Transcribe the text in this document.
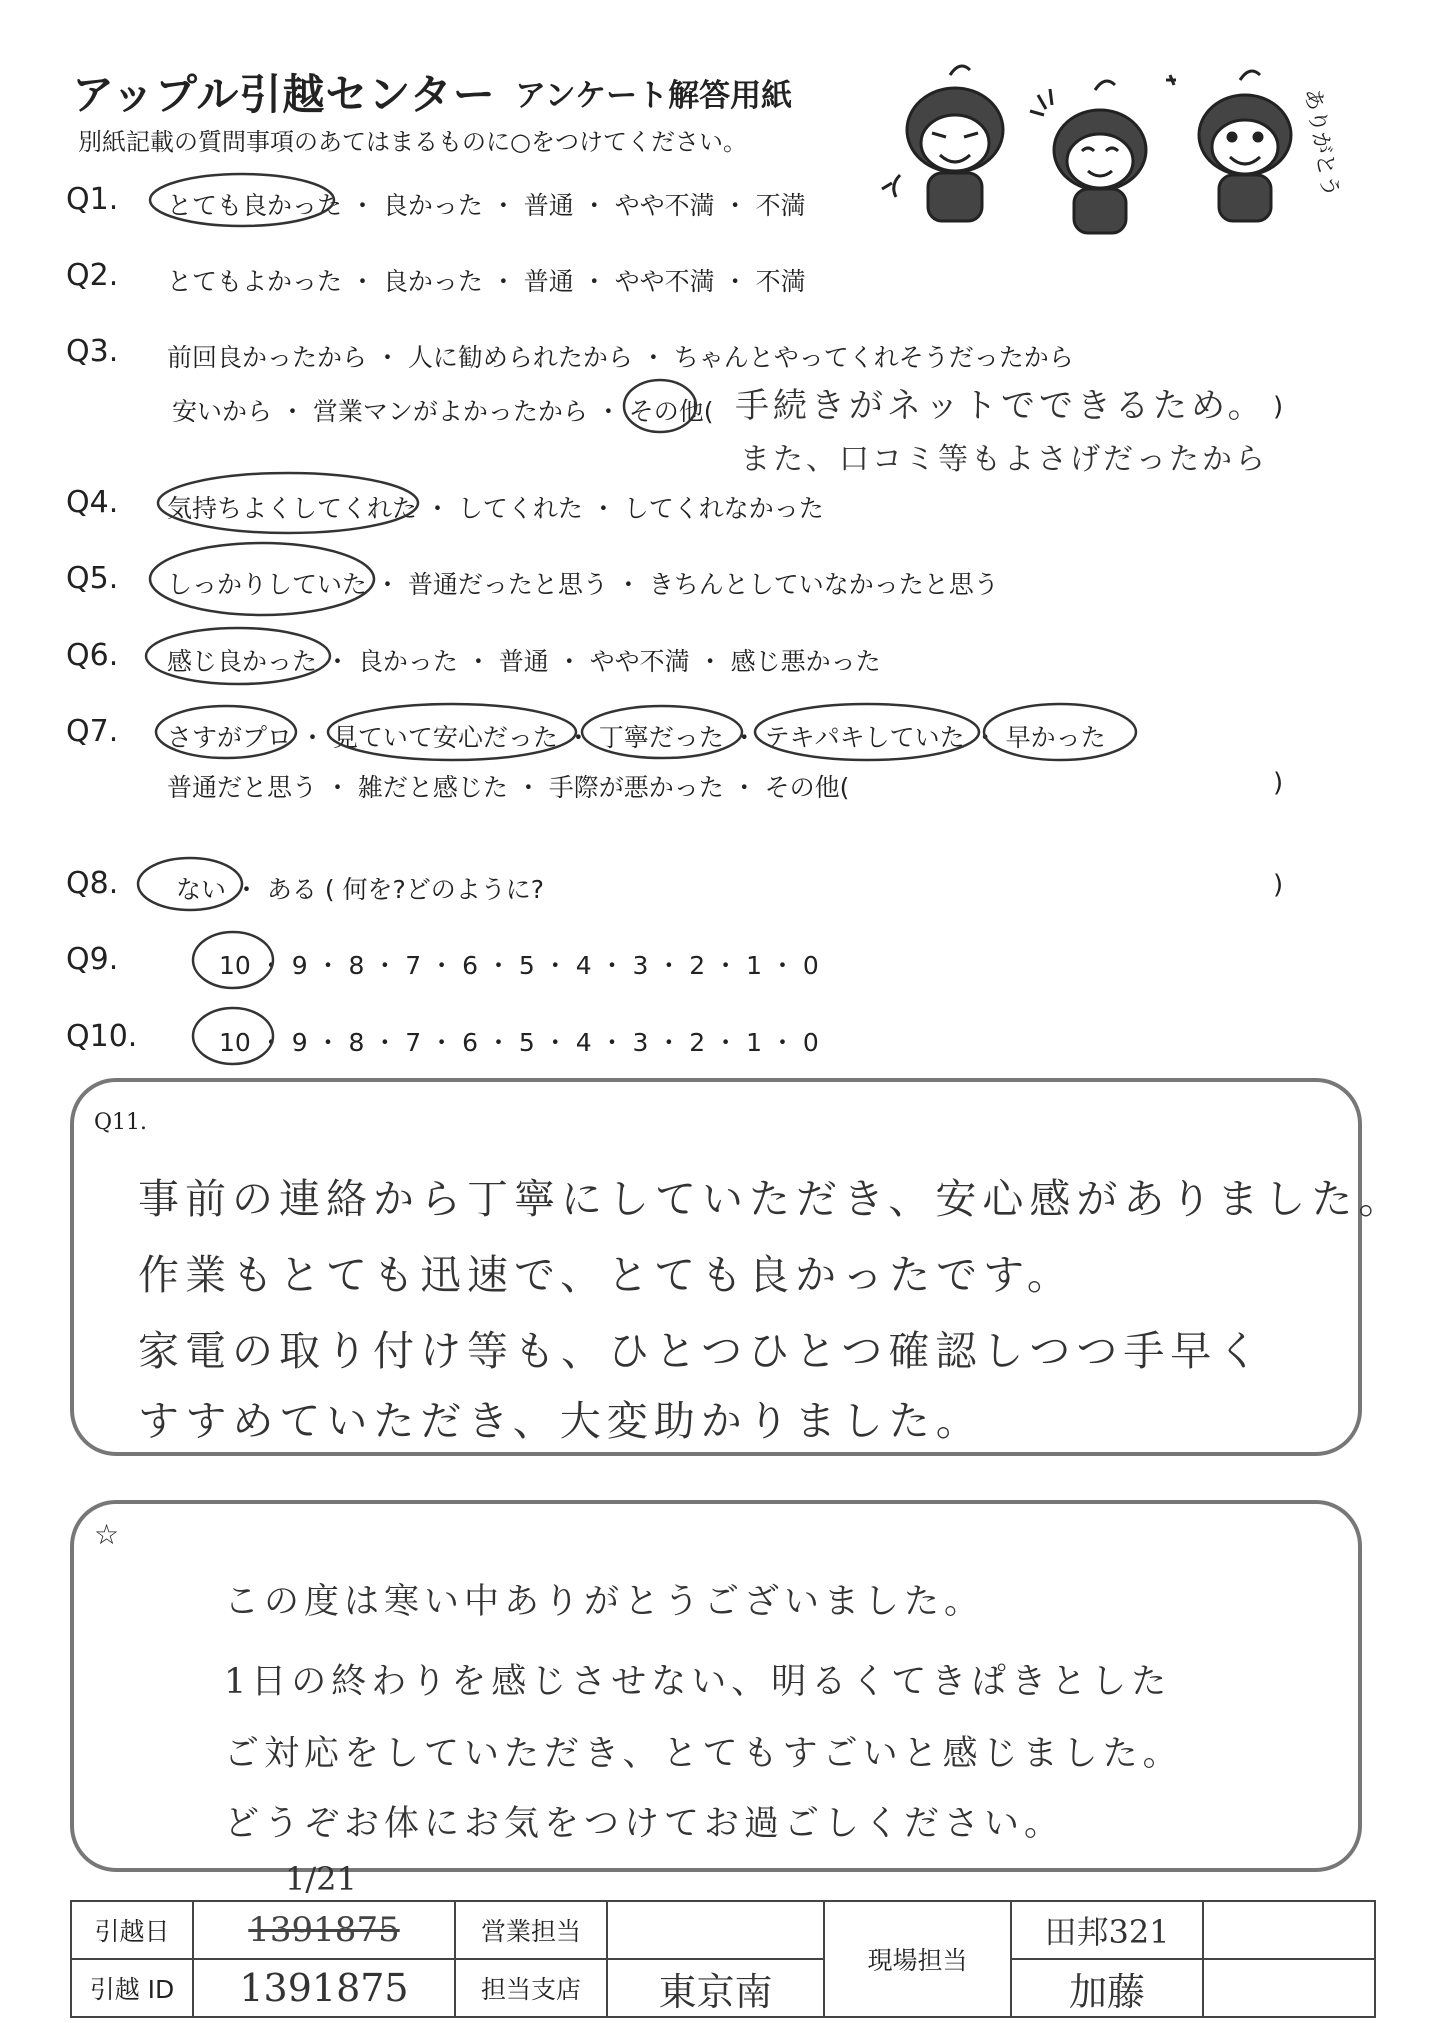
アップル引越センター アンケート解答用紙
別紙記載の質問事項のあてはまるものに○をつけてください。	ありがとう
Q1. とても良かった ・ 良かった ・ 普通 ・ やや不満 ・ 不満
Q2. とてもよかった ・ 良かった ・ 普通 ・ やや不満 ・ 不満
Q3. 前回良かったから ・ 人に勧められたから ・ ちゃんとやってくれそうだったから
安いから ・ 営業マンがよかったから ・ その他(	)
手続きがネットでできるため。
また、口コミ等もよさげだったから
Q4. 気持ちよくしてくれた ・ してくれた ・ してくれなかった
Q5. しっかりしていた ・ 普通だったと思う ・ きちんとしていなかったと思う
Q6. 感じ良かった ・ 良かった ・ 普通 ・ やや不満 ・ 感じ悪かった
Q7. さすがプロ ・ 見ていて安心だった ・ 丁寧だった ・ テキパキしていた ・ 早かった
普通だと思う ・ 雑だと感じた ・ 手際が悪かった ・ その他(	)
Q8. ない ・ ある ( 何を?どのように?	)
Q9.	10 ・ 9 ・ 8 ・ 7 ・ 6 ・ 5 ・ 4 ・ 3 ・ 2 ・ 1 ・ 0
Q10.	10 ・ 9 ・ 8 ・ 7 ・ 6 ・ 5 ・ 4 ・ 3 ・ 2 ・ 1 ・ 0
Q11.
事前の連絡から丁寧にしていただき、安心感がありました。
作業もとても迅速で、とても良かったです。
家電の取り付け等も、ひとつひとつ確認しつつ手早く
すすめていただき、大変助かりました。
☆
この度は寒い中ありがとうございました。
1日の終わりを感じさせない、明るくてきぱきとした
ご対応をしていただき、とてもすごいと感じました。
どうぞお体にお気をつけてお過ごしください。
1/21
引越日	1391875	営業担当		現場担当	田邦321	
引越 ID	1391875	担当支店	東京南		加藤	
